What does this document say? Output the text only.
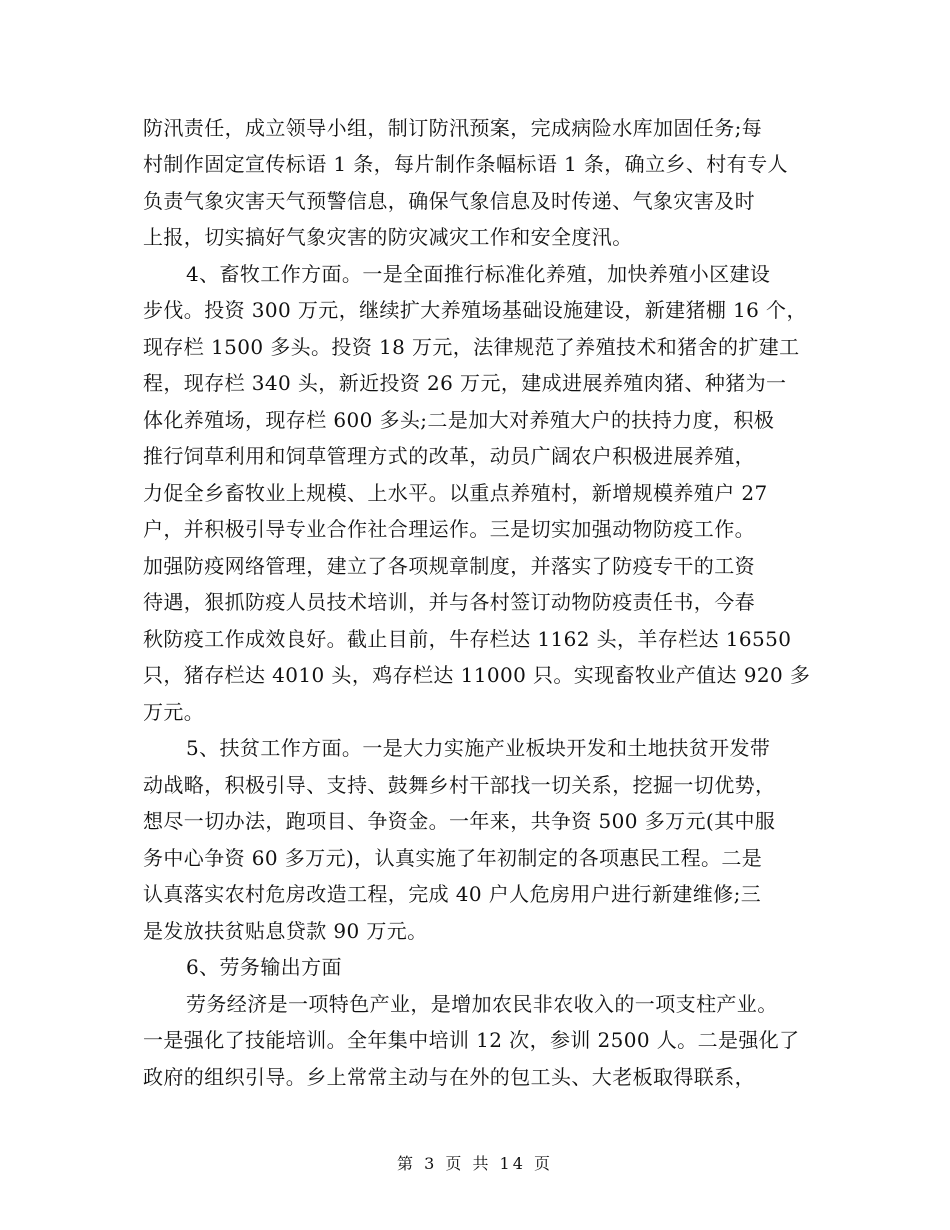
防汛责任，成立领导小组，制订防汛预案，完成病险水库加固任务;每
村制作固定宣传标语 1 条，每片制作条幅标语 1 条，确立乡、村有专人
负责气象灾害天气预警信息，确保气象信息及时传递、气象灾害及时
上报，切实搞好气象灾害的防灾减灾工作和安全度汛。
4、畜牧工作方面。一是全面推行标准化养殖，加快养殖小区建设
步伐。投资 300 万元，继续扩大养殖场基础设施建设，新建猪棚 16 个，
现存栏 1500 多头。投资 18 万元，法律规范了养殖技术和猪舍的扩建工
程，现存栏 340 头，新近投资 26 万元，建成进展养殖肉猪、种猪为一
体化养殖场，现存栏 600 多头;二是加大对养殖大户的扶持力度，积极
推行饲草利用和饲草管理方式的改革，动员广阔农户积极进展养殖，
力促全乡畜牧业上规模、上水平。以重点养殖村，新增规模养殖户 27
户，并积极引导专业合作社合理运作。三是切实加强动物防疫工作。
加强防疫网络管理，建立了各项规章制度，并落实了防疫专干的工资
待遇，狠抓防疫人员技术培训，并与各村签订动物防疫责任书，今春
秋防疫工作成效良好。截止目前，牛存栏达 1162 头，羊存栏达 16550
只，猪存栏达 4010 头，鸡存栏达 11000 只。实现畜牧业产值达 920 多
万元。
5、扶贫工作方面。一是大力实施产业板块开发和土地扶贫开发带
动战略，积极引导、支持、鼓舞乡村干部找一切关系，挖掘一切优势，
想尽一切办法，跑项目、争资金。一年来，共争资 500 多万元(其中服
务中心争资 60 多万元)，认真实施了年初制定的各项惠民工程。二是
认真落实农村危房改造工程，完成 40 户人危房用户进行新建维修;三
是发放扶贫贴息贷款 90 万元。
6、劳务输出方面
劳务经济是一项特色产业，是增加农民非农收入的一项支柱产业。
一是强化了技能培训。全年集中培训 12 次，参训 2500 人。二是强化了
政府的组织引导。乡上常常主动与在外的包工头、大老板取得联系，
第 3 页 共 14 页
